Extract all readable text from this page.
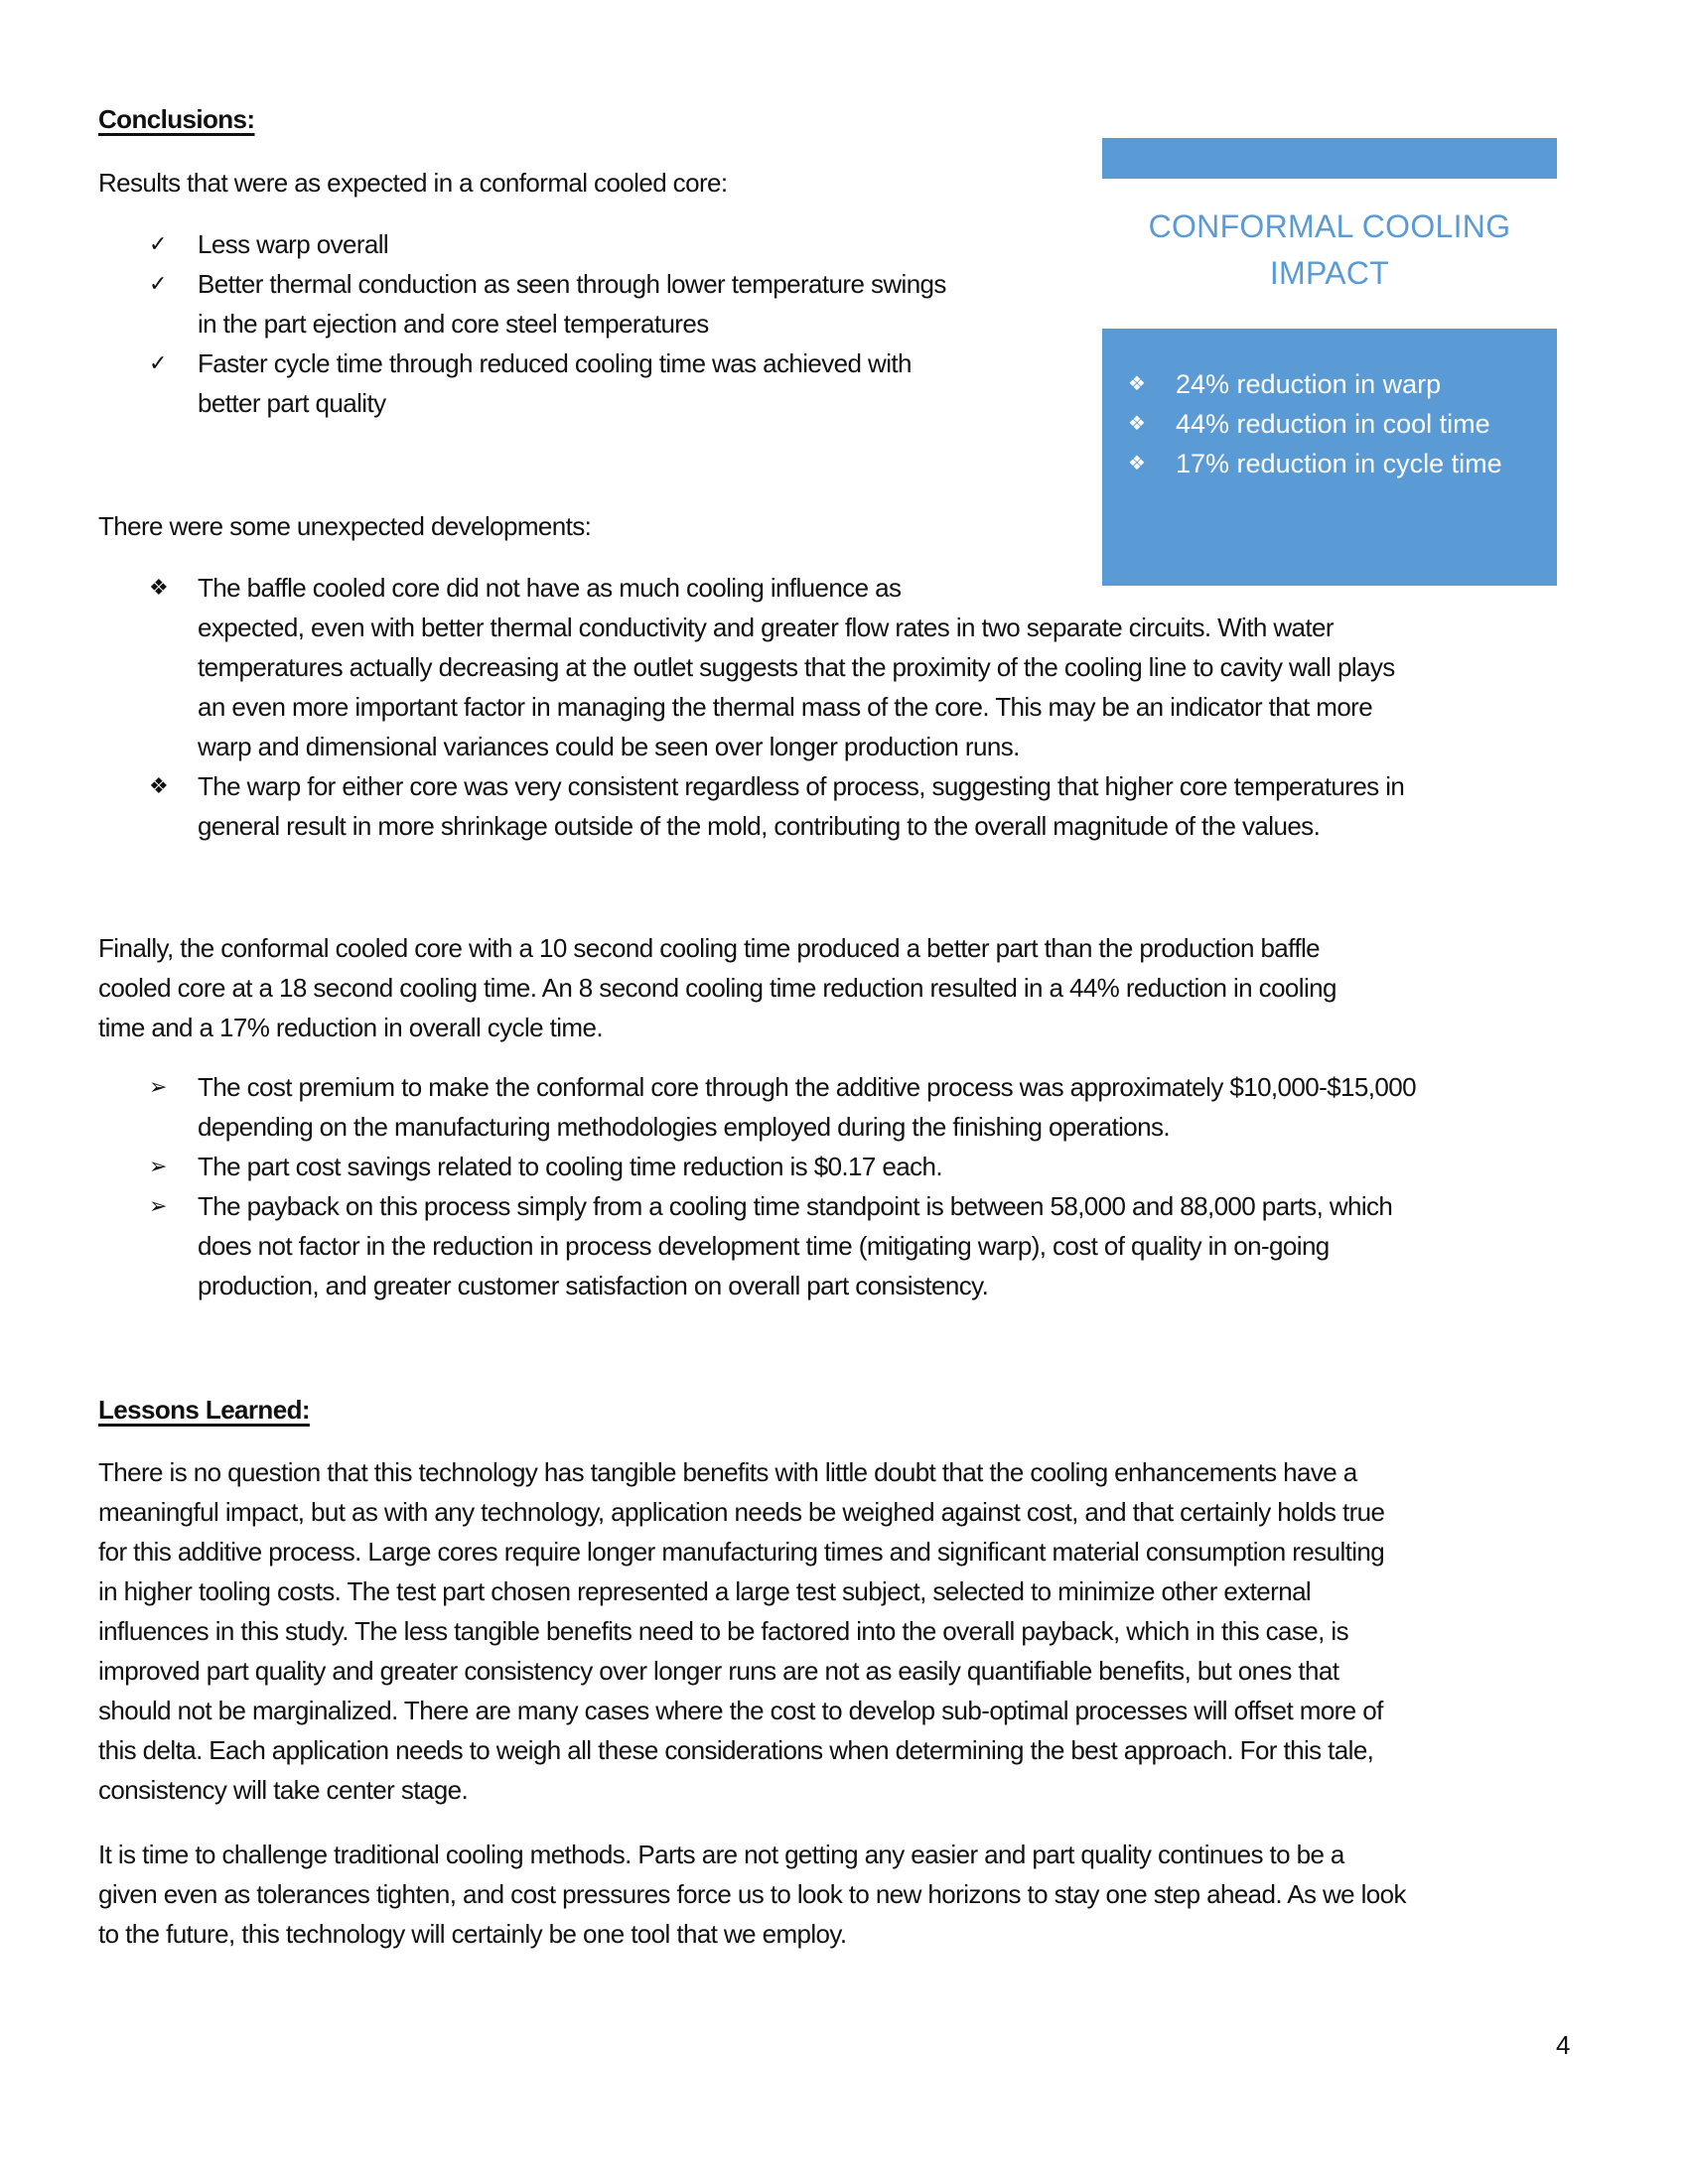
Conclusions:
Results that were as expected in a conformal cooled core:
✓	Less warp overall
✓	Better thermal conduction as seen through lower temperature swings
in the part ejection and core steel temperatures
✓	Faster cycle time through reduced cooling time was achieved with
better part quality
CONFORMAL COOLING
IMPACT
❖	24% reduction in warp
❖	44% reduction in cool time
❖	17% reduction in cycle time
There were some unexpected developments:
❖	The baffle cooled core did not have as much cooling influence as
expected, even with better thermal conductivity and greater flow rates in two separate circuits. With water
temperatures actually decreasing at the outlet suggests that the proximity of the cooling line to cavity wall plays
an even more important factor in managing the thermal mass of the core. This may be an indicator that more
warp and dimensional variances could be seen over longer production runs.
❖	The warp for either core was very consistent regardless of process, suggesting that higher core temperatures in
general result in more shrinkage outside of the mold, contributing to the overall magnitude of the values.
Finally, the conformal cooled core with a 10 second cooling time produced a better part than the production baffle
cooled core at a 18 second cooling time. An 8 second cooling time reduction resulted in a 44% reduction in cooling
time and a 17% reduction in overall cycle time.
➢	The cost premium to make the conformal core through the additive process was approximately $10,000-$15,000
depending on the manufacturing methodologies employed during the finishing operations.
➢	The part cost savings related to cooling time reduction is $0.17 each.
➢	The payback on this process simply from a cooling time standpoint is between 58,000 and 88,000 parts, which
does not factor in the reduction in process development time (mitigating warp), cost of quality in on-going
production, and greater customer satisfaction on overall part consistency.
Lessons Learned:
There is no question that this technology has tangible benefits with little doubt that the cooling enhancements have a
meaningful impact, but as with any technology, application needs be weighed against cost, and that certainly holds true
for this additive process. Large cores require longer manufacturing times and significant material consumption resulting
in higher tooling costs. The test part chosen represented a large test subject, selected to minimize other external
influences in this study. The less tangible benefits need to be factored into the overall payback, which in this case, is
improved part quality and greater consistency over longer runs are not as easily quantifiable benefits, but ones that
should not be marginalized. There are many cases where the cost to develop sub-optimal processes will offset more of
this delta. Each application needs to weigh all these considerations when determining the best approach. For this tale,
consistency will take center stage.
It is time to challenge traditional cooling methods. Parts are not getting any easier and part quality continues to be a
given even as tolerances tighten, and cost pressures force us to look to new horizons to stay one step ahead. As we look
to the future, this technology will certainly be one tool that we employ.
4
